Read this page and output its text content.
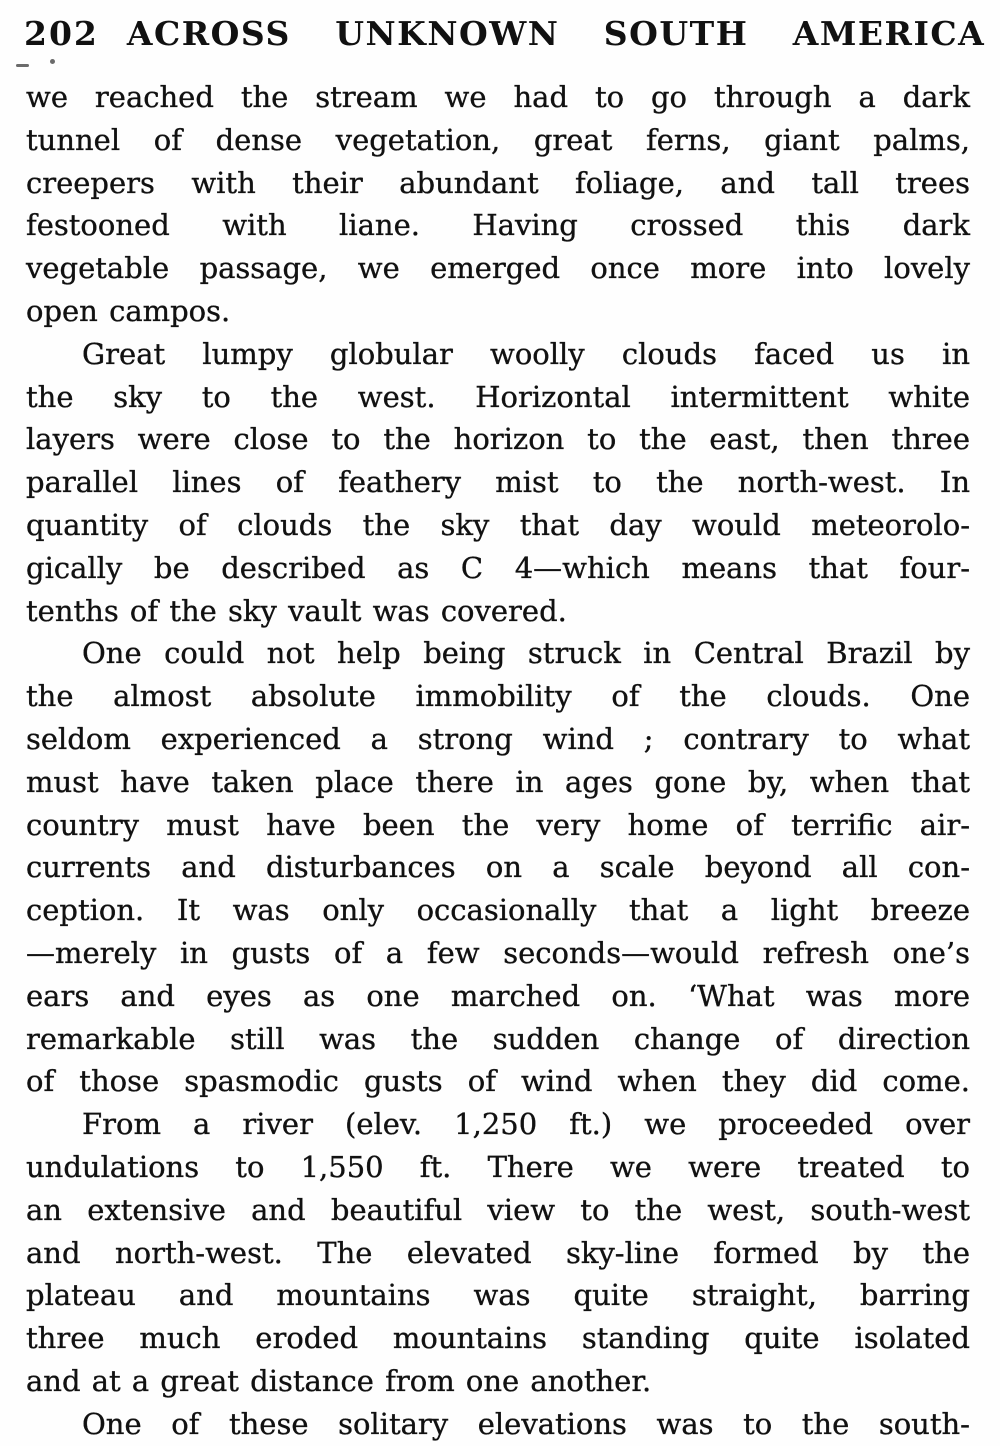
202 ACROSS UNKNOWN SOUTH AMERICA
we reached the stream we had to go through a dark
tunnel of dense vegetation, great ferns, giant palms,
creepers with their abundant foliage, and tall trees
festooned with liane. Having crossed this dark
vegetable passage, we emerged once more into lovely
open campos.
Great lumpy globular woolly clouds faced us in
the sky to the west. Horizontal intermittent white
layers were close to the horizon to the east, then three
parallel lines of feathery mist to the north-west. In
quantity of clouds the sky that day would meteorolo-
gically be described as C 4—which means that four-
tenths of the sky vault was covered.
One could not help being struck in Central Brazil by
the almost absolute immobility of the clouds. One
seldom experienced a strong wind ; contrary to what
must have taken place there in ages gone by, when that
country must have been the very home of terrific air-
currents and disturbances on a scale beyond all con-
ception. It was only occasionally that a light breeze
—merely in gusts of a few seconds—would refresh one’s
ears and eyes as one marched on. ‘What was more
remarkable still was the sudden change of direction
of those spasmodic gusts of wind when they did come.
From a river (elev. 1,250 ft.) we proceeded over
undulations to 1,550 ft. There we were treated to
an extensive and beautiful view to the west, south-west
and north-west. The elevated sky-line formed by the
plateau and mountains was quite straight, barring
three much eroded mountains standing quite isolated
and at a great distance from one another.
One of these solitary elevations was to the south-
